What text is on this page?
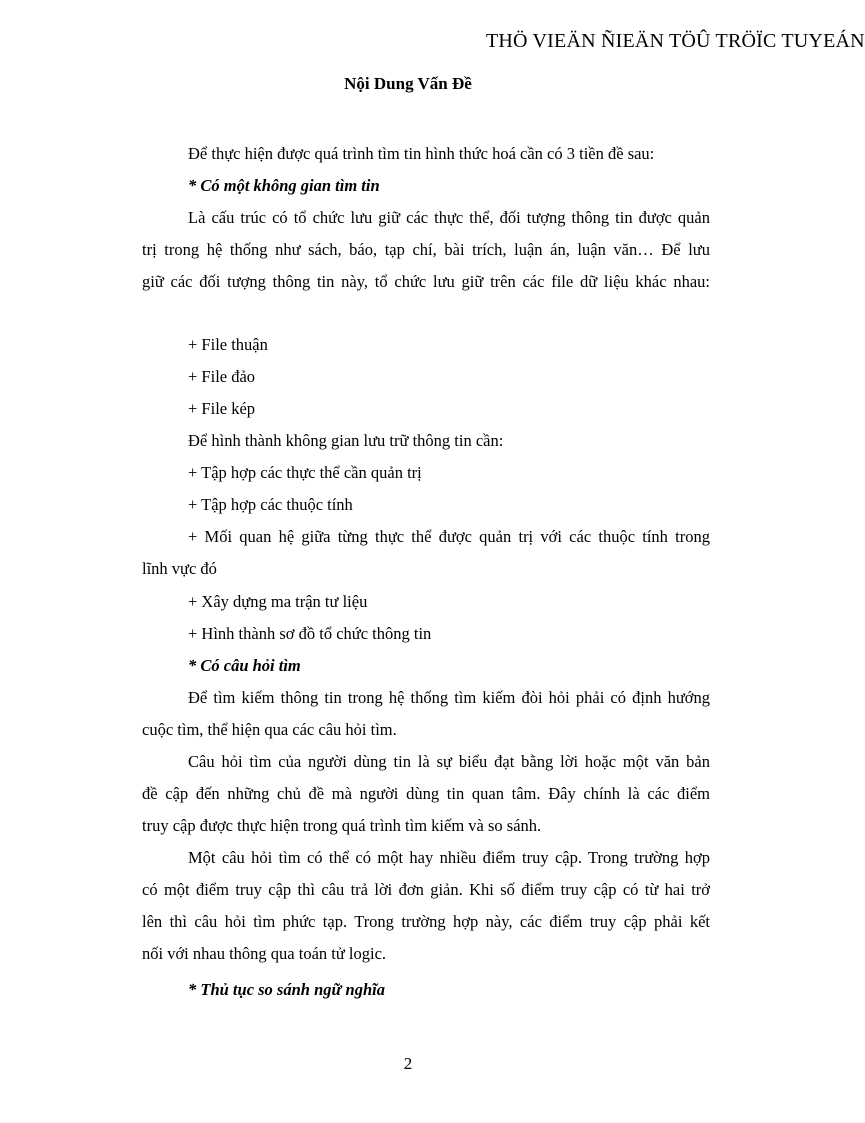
THÖ VIEÄN ÑIEÄN TÖÛ TRÖÏC TUYEÁN
Nội Dung Vấn Đề
Để thực hiện được quá trình tìm tin hình thức hoá cần có 3 tiền đề sau:
* Có một không gian tìm tin
Là cấu trúc có tổ chức lưu giữ các thực thể, đối tượng thông tin được quản
trị trong hệ thống như sách, báo, tạp chí, bài trích, luận án, luận văn… Để lưu
giữ các đối tượng thông tin này, tổ chức lưu giữ trên các file dữ liệu khác nhau:
+ File thuận
+ File đảo
+ File kép
Để hình thành không gian lưu trữ thông tin cần:
+ Tập hợp các thực thể cần quản trị
+ Tập hợp các thuộc tính
+ Mối quan hệ giữa từng thực thể được quản trị với các thuộc tính trong
lĩnh vực đó
+ Xây dựng ma trận tư liệu
+ Hình thành sơ đồ tổ chức thông tin
* Có câu hỏi tìm
Để tìm kiếm thông tin trong hệ thống tìm kiếm đòi hỏi phải có định hướng
cuộc tìm, thể hiện qua các câu hỏi tìm.
Câu hỏi tìm của người dùng tin là sự biểu đạt bằng lời hoặc một văn bản
đề cập đến những chủ đề mà người dùng tin quan tâm. Đây chính là các điểm
truy cập được thực hiện trong quá trình tìm kiếm và so sánh.
Một câu hỏi tìm có thể có một hay nhiều điểm truy cập. Trong trường hợp
có một điểm truy cập thì câu trả lời đơn giản. Khi số điểm truy cập có từ hai trở
lên thì câu hỏi tìm phức tạp. Trong trường hợp này, các điểm truy cập phải kết
nối với nhau thông qua toán tử logic.
* Thủ tục so sánh ngữ nghĩa
2
